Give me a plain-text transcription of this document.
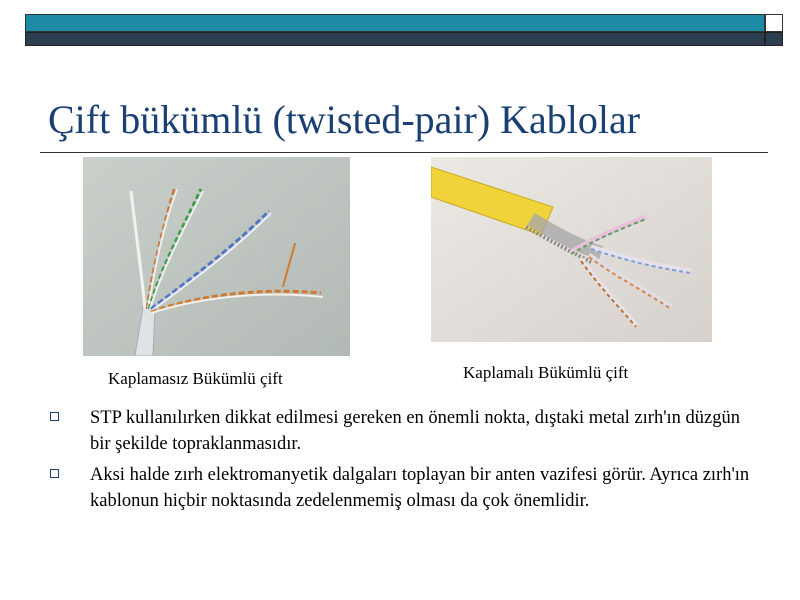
Çift bükümlü (twisted-pair) Kablolar
Kaplamasız Bükümlü çift	Kaplamalı Bükümlü çift
STP kullanılırken dikkat edilmesi gereken en önemli nokta, dıştaki metal zırh'ın düzgün bir şekilde topraklanmasıdır.
Aksi halde zırh elektromanyetik dalgaları toplayan bir anten vazifesi görür. Ayrıca zırh'ın kablonun hiçbir noktasında zedelenmemiş olması da çok önemlidir.
